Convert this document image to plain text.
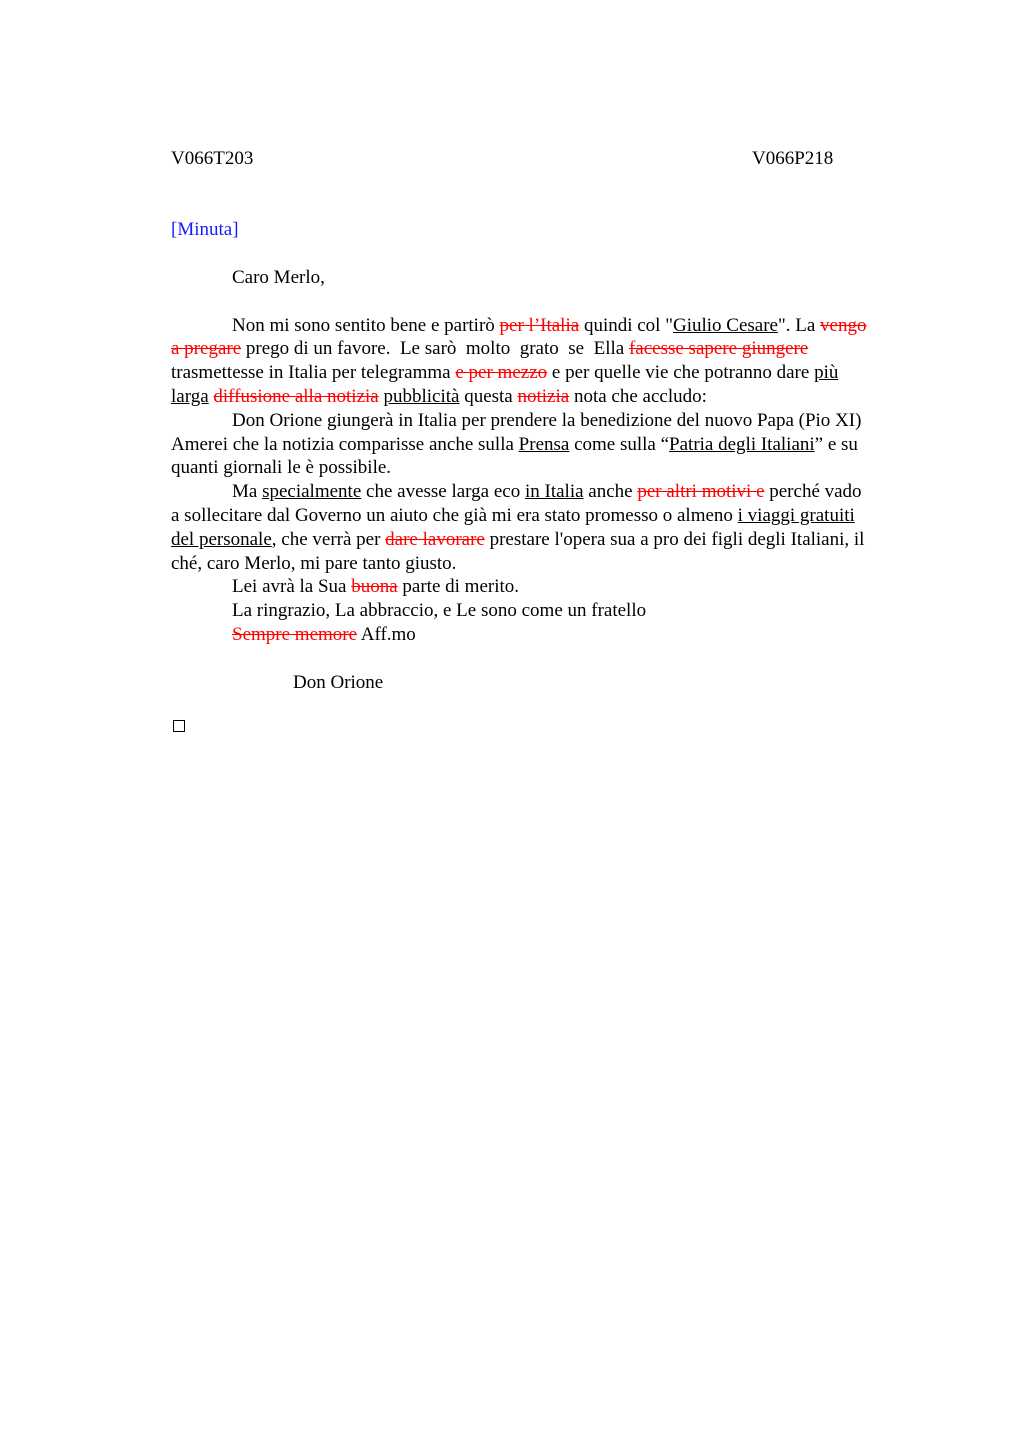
V066T203	V066P218
[Minuta]
Caro Merlo,
Non mi sono sentito bene e partirò per l’Italia quindi col "Giulio Cesare". La vengo
a pregare prego di un favore.  Le sarò  molto  grato  se  Ella facesse sapere giungere
trasmettesse in Italia per telegramma e per mezzo e per quelle vie che potranno dare più
larga diffusione alla notizia pubblicità questa notizia nota che accludo:
Don Orione giungerà in Italia per prendere la benedizione del nuovo Papa (Pio XI)
Amerei che la notizia comparisse anche sulla Prensa come sulla “Patria degli Italiani” e su
quanti giornali le è possibile.
Ma specialmente che avesse larga eco in Italia anche per altri motivi e perché vado
a sollecitare dal Governo un aiuto che già mi era stato promesso o almeno i viaggi gratuiti
del personale, che verrà per dare lavorare prestare l'opera sua a pro dei figli degli Italiani, il
ché, caro Merlo, mi pare tanto giusto.
Lei avrà la Sua buona parte di merito.
La ringrazio, La abbraccio, e Le sono come un fratello
Sempre memore Aff.mo
Don Orione
